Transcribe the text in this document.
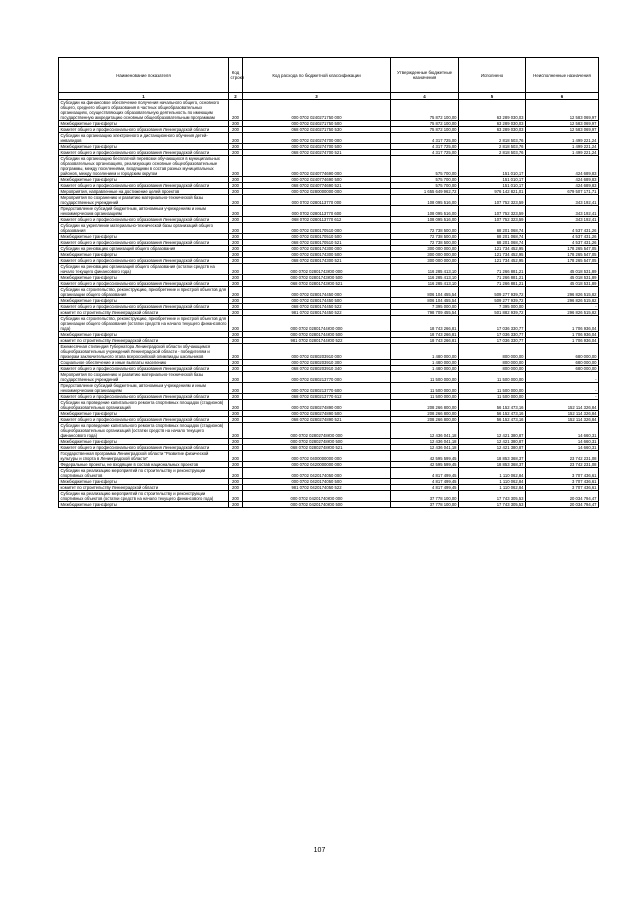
Наименование показателя	Код строки	Код расхода по бюджетной классификации	Утвержденные бюджетные назначения	Исполнено	Неисполненные назначения
1	2	3	4	5	6
Субсидии на финансовое обеспечение получения начального общего, основного общего, среднего общего образования в частных общеобразовательных организациях, осуществляющих образовательную деятельность по имеющим государственную аккредитацию основным общеобразовательным программам	200	000 0702 0240271750 000	75 872 100,00	63 289 030,03	12 583 069,97
Межбюджетные трансферты	200	000 0702 0240271750 500	75 872 100,00	63 289 030,03	12 583 069,97
Комитет общего и профессионального образования Ленинградской области	200	068 0702 0240271750 530	75 872 100,00	63 289 030,03	12 583 069,97
Субсидии на организацию электронного и дистанционного обучения детей-инвалидов	200	000 0702 0240274700 000	4 317 725,00	2 818 503,76	1 499 221,24
Межбюджетные трансферты	200	000 0702 0240274700 500	4 317 725,00	2 818 503,76	1 499 221,24
Комитет общего и профессионального образования Ленинградской области	200	068 0702 0240274700 521	4 317 725,00	2 818 503,76	1 499 221,24
Субсидии на организацию бесплатной перевозки обучающихся в муниципальных образовательных организациях, реализующих основные общеобразовательные программы, между поселениями, входящими в состав разных муниципальных районов, между поселением и городским округом	200	000 0702 0240774690 000	575 700,00	151 010,17	424 689,83
Межбюджетные трансферты	200	000 0702 0240774690 500	575 700,00	151 010,17	424 689,83
Комитет общего и профессионального образования Ленинградской области	200	068 0702 0240774690 521	575 700,00	151 010,17	424 689,83
Мероприятия, направленные на достижение целей проектов	200	000 0702 0280000000 000	1 655 649 962,72	976 142 821,01	679 507 171,71
Мероприятия по сохранению и развитию материально-технической базы государственных учреждений	200	000 0702 0280113770 000	108 095 516,00	107 752 323,59	343 192,41
Предоставление субсидий бюджетным, автономным учреждениям и иным некоммерческим организациям	200	000 0702 0280113770 600	108 095 516,00	107 752 323,59	343 192,41
Комитет общего и профессионального образования Ленинградской области	200	068 0702 0280113770 612	108 095 516,00	107 752 323,59	343 192,41
Субсидии на укрепление материально-технической базы организаций общего образования	200	000 0702 0280170510 000	72 738 500,00	68 201 068,74	4 537 431,26
Межбюджетные трансферты	200	000 0702 0280170510 500	72 738 500,00	68 201 068,74	4 537 431,26
Комитет общего и профессионального образования Ленинградской области	200	068 0702 0280170510 521	72 738 500,00	68 201 068,74	4 537 431,26
Субсидии на реновацию организаций общего образования	200	000 0702 0280174300 000	300 000 000,00	121 734 452,95	178 265 547,05
Межбюджетные трансферты	200	000 0702 0280174300 500	300 000 000,00	121 734 452,95	178 265 547,05
Комитет общего и профессионального образования Ленинградской области	200	068 0702 0280174300 521	300 000 000,00	121 734 452,95	178 265 547,05
Субсидии на реновацию организаций общего образования (остатки средств на начало текущего финансового года)	200	000 0702 02801743Ю0 000	116 285 413,10	71 266 881,21	45 018 531,89
Межбюджетные трансферты	200	000 0702 02801743Ю0 500	116 285 413,10	71 266 881,21	45 018 531,89
Комитет общего и профессионального образования Ленинградской области	200	068 0702 02801743Ю0 521	116 285 413,10	71 266 881,21	45 018 531,89
Субсидии на строительство, реконструкцию, приобретение и пристрой объектов для организации общего образования	200	000 0702 0280174450 000	806 104 455,54	509 277 939,72	296 826 515,82
Межбюджетные трансферты	200	000 0702 0280174450 500	806 104 455,54	509 277 939,72	296 826 515,82
Комитет общего и профессионального образования Ленинградской области	200	068 0702 0280174450 522	7 395 000,00	7 395 000,00	-
комитет по строительству Ленинградской области	200	981 0702 0280174450 522	798 709 455,54	501 882 939,72	296 826 515,82
Субсидии на строительство, реконструкцию, приобретение и пристрой объектов для организации общего образования (остатки средств на начало текущего финансового года)	200	000 0702 02801744Ю0 000	18 743 266,81	17 036 330,77	1 706 936,04
Межбюджетные трансферты	200	000 0702 02801744Ю0 500	18 743 266,81	17 036 330,77	1 706 936,04
комитет по строительству Ленинградской области	200	981 0702 02801744Ю0 522	18 743 266,81	17 036 330,77	1 706 936,04
Ежемесячная стипендия Губернатора Ленинградской области обучающимся общеобразовательных учреждений Ленинградской области - победителям и призерам заключительного этапа всероссийской олимпиады школьников	200	000 0702 0280203910 000	1 480 000,00	800 000,00	680 000,00
Социальное обеспечение и иные выплаты населению	200	000 0702 0280203910 300	1 480 000,00	800 000,00	680 000,00
Комитет общего и профессионального образования Ленинградской области	200	068 0702 0280203910 340	1 480 000,00	800 000,00	680 000,00
Мероприятия по сохранению и развитию материально-технической базы государственных учреждений	200	000 0702 0280213770 000	11 500 000,00	11 500 000,00	-
Предоставление субсидий бюджетным, автономным учреждениям и иным некоммерческим организациям	200	000 0702 0280213770 600	11 500 000,00	11 500 000,00	-
Комитет общего и профессионального образования Ленинградской области	200	068 0702 0280213770 612	11 500 000,00	11 500 000,00	-
Субсидии на проведение капитального ремонта спортивных площадок (стадионов) общеобразовательных организаций	200	000 0702 0280274890 000	208 266 800,00	56 152 473,16	152 114 326,84
Межбюджетные трансферты	200	000 0702 0280274890 500	208 266 800,00	56 152 473,16	152 114 326,84
Комитет общего и профессионального образования Ленинградской области	200	068 0702 0280274890 521	208 266 800,00	56 152 473,16	152 114 326,84
Субсидии на проведение капитального ремонта спортивных площадок (стадионов) общеобразовательных организаций (остатки средств на начало текущего финансового года)	200	000 0702 02802748Ю0 000	12 436 041,18	12 421 380,87	14 660,31
Межбюджетные трансферты	200	000 0702 02802748Ю0 500	12 436 041,18	12 421 380,87	14 660,31
Комитет общего и профессионального образования Ленинградской области	200	068 0702 02802748Ю0 521	12 436 041,18	12 421 380,87	14 660,31
Государственная программа Ленинградской области "Развитие физической культуры и спорта в Ленинградской области"	200	000 0702 0400000000 000	42 595 599,45	18 853 368,37	23 742 231,08
Федеральные проекты, не входящие в состав национальных проектов	200	000 0702 0420000000 000	42 595 599,45	18 853 368,37	23 742 231,08
Субсидии на реализацию мероприятий по строительству и реконструкции спортивных объектов	200	000 0702 0420174050 000	4 817 499,45	1 110 062,84	3 707 436,61
Межбюджетные трансферты	200	000 0702 0420174050 500	4 817 499,45	1 110 062,84	3 707 436,61
комитет по строительству Ленинградской области	200	981 0702 0420174050 522	4 817 499,45	1 110 062,84	3 707 436,61
Субсидии на реализацию мероприятий по строительству и реконструкции спортивных объектов (остатки средств на начало текущего финансового года)	200	000 0702 04201740Ю0 000	37 778 100,00	17 743 305,53	20 034 794,47
Межбюджетные трансферты	200	000 0702 04201740Ю0 500	37 778 100,00	17 743 305,53	20 034 794,47
107
